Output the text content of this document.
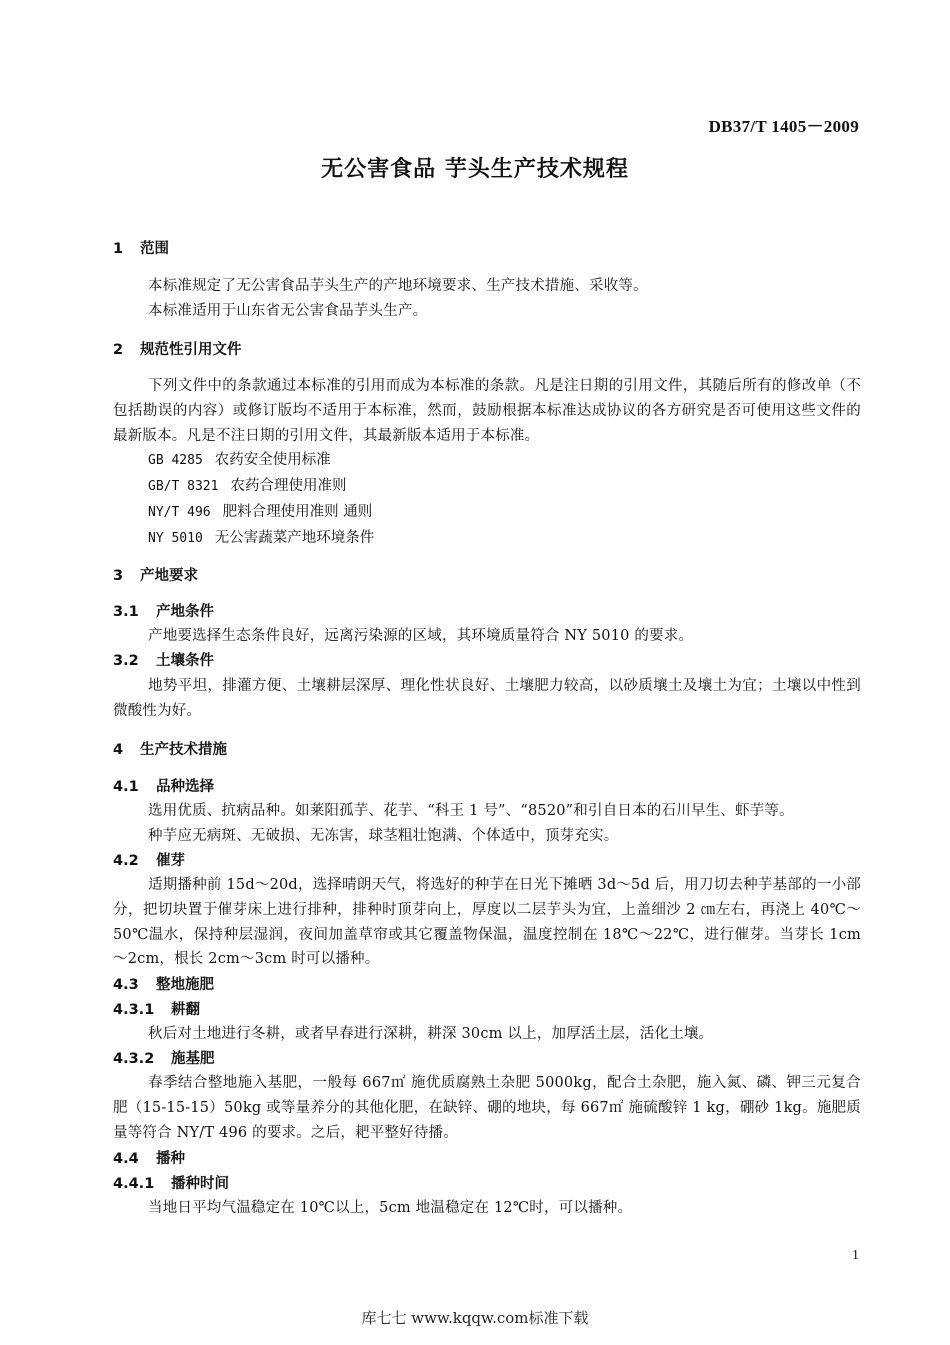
DB37/T 1405－2009
无公害食品 芋头生产技术规程
1 范围
本标准规定了无公害食品芋头生产的产地环境要求、生产技术措施、采收等。
本标准适用于山东省无公害食品芋头生产。
2 规范性引用文件
下列文件中的条款通过本标准的引用而成为本标准的条款。凡是注日期的引用文件，其随后所有的修改单（不包括勘误的内容）或修订版均不适用于本标准，然而，鼓励根据本标准达成协议的各方研究是否可使用这些文件的最新版本。凡是不注日期的引用文件，其最新版本适用于本标准。
GB 4285 农药安全使用标准
GB/T 8321 农药合理使用准则
NY/T 496 肥料合理使用准则 通则
NY 5010 无公害蔬菜产地环境条件
3 产地要求
3.1 产地条件
产地要选择生态条件良好，远离污染源的区域，其环境质量符合 NY 5010 的要求。
3.2 土壤条件
地势平坦，排灌方便、土壤耕层深厚、理化性状良好、土壤肥力较高，以砂质壤土及壤土为宜；土壤以中性到微酸性为好。
4 生产技术措施
4.1 品种选择
选用优质、抗病品种。如莱阳孤芋、花芋、“科王 1 号”、“8520”和引自日本的石川早生、虾芋等。
种芋应无病斑、无破损、无冻害，球茎粗壮饱满、个体适中，顶芽充实。
4.2 催芽
适期播种前 15d～20d，选择晴朗天气，将选好的种芋在日光下摊晒 3d～5d 后，用刀切去种芋基部的一小部分，把切块置于催芽床上进行排种，排种时顶芽向上，厚度以二层芋头为宜，上盖细沙 2 ㎝左右，再浇上 40℃～50℃温水，保持种层湿润，夜间加盖草帘或其它覆盖物保温，温度控制在 18℃～22℃，进行催芽。当芽长 1cm～2cm，根长 2cm～3cm 时可以播种。
4.3 整地施肥
4.3.1 耕翻
秋后对土地进行冬耕，或者早春进行深耕，耕深 30cm 以上，加厚活土层，活化土壤。
4.3.2 施基肥
春季结合整地施入基肥，一般每 667㎡ 施优质腐熟土杂肥 5000kg，配合土杂肥，施入氮、磷、钾三元复合肥（15-15-15）50kg 或等量养分的其他化肥，在缺锌、硼的地块，每 667㎡ 施硫酸锌 1 kg，硼砂 1kg。施肥质量等符合 NY/T 496 的要求。之后，耙平整好待播。
4.4 播种
4.4.1 播种时间
当地日平均气温稳定在 10℃以上，5cm 地温稳定在 12℃时，可以播种。
1
库七七 www.kqqw.com标准下载
